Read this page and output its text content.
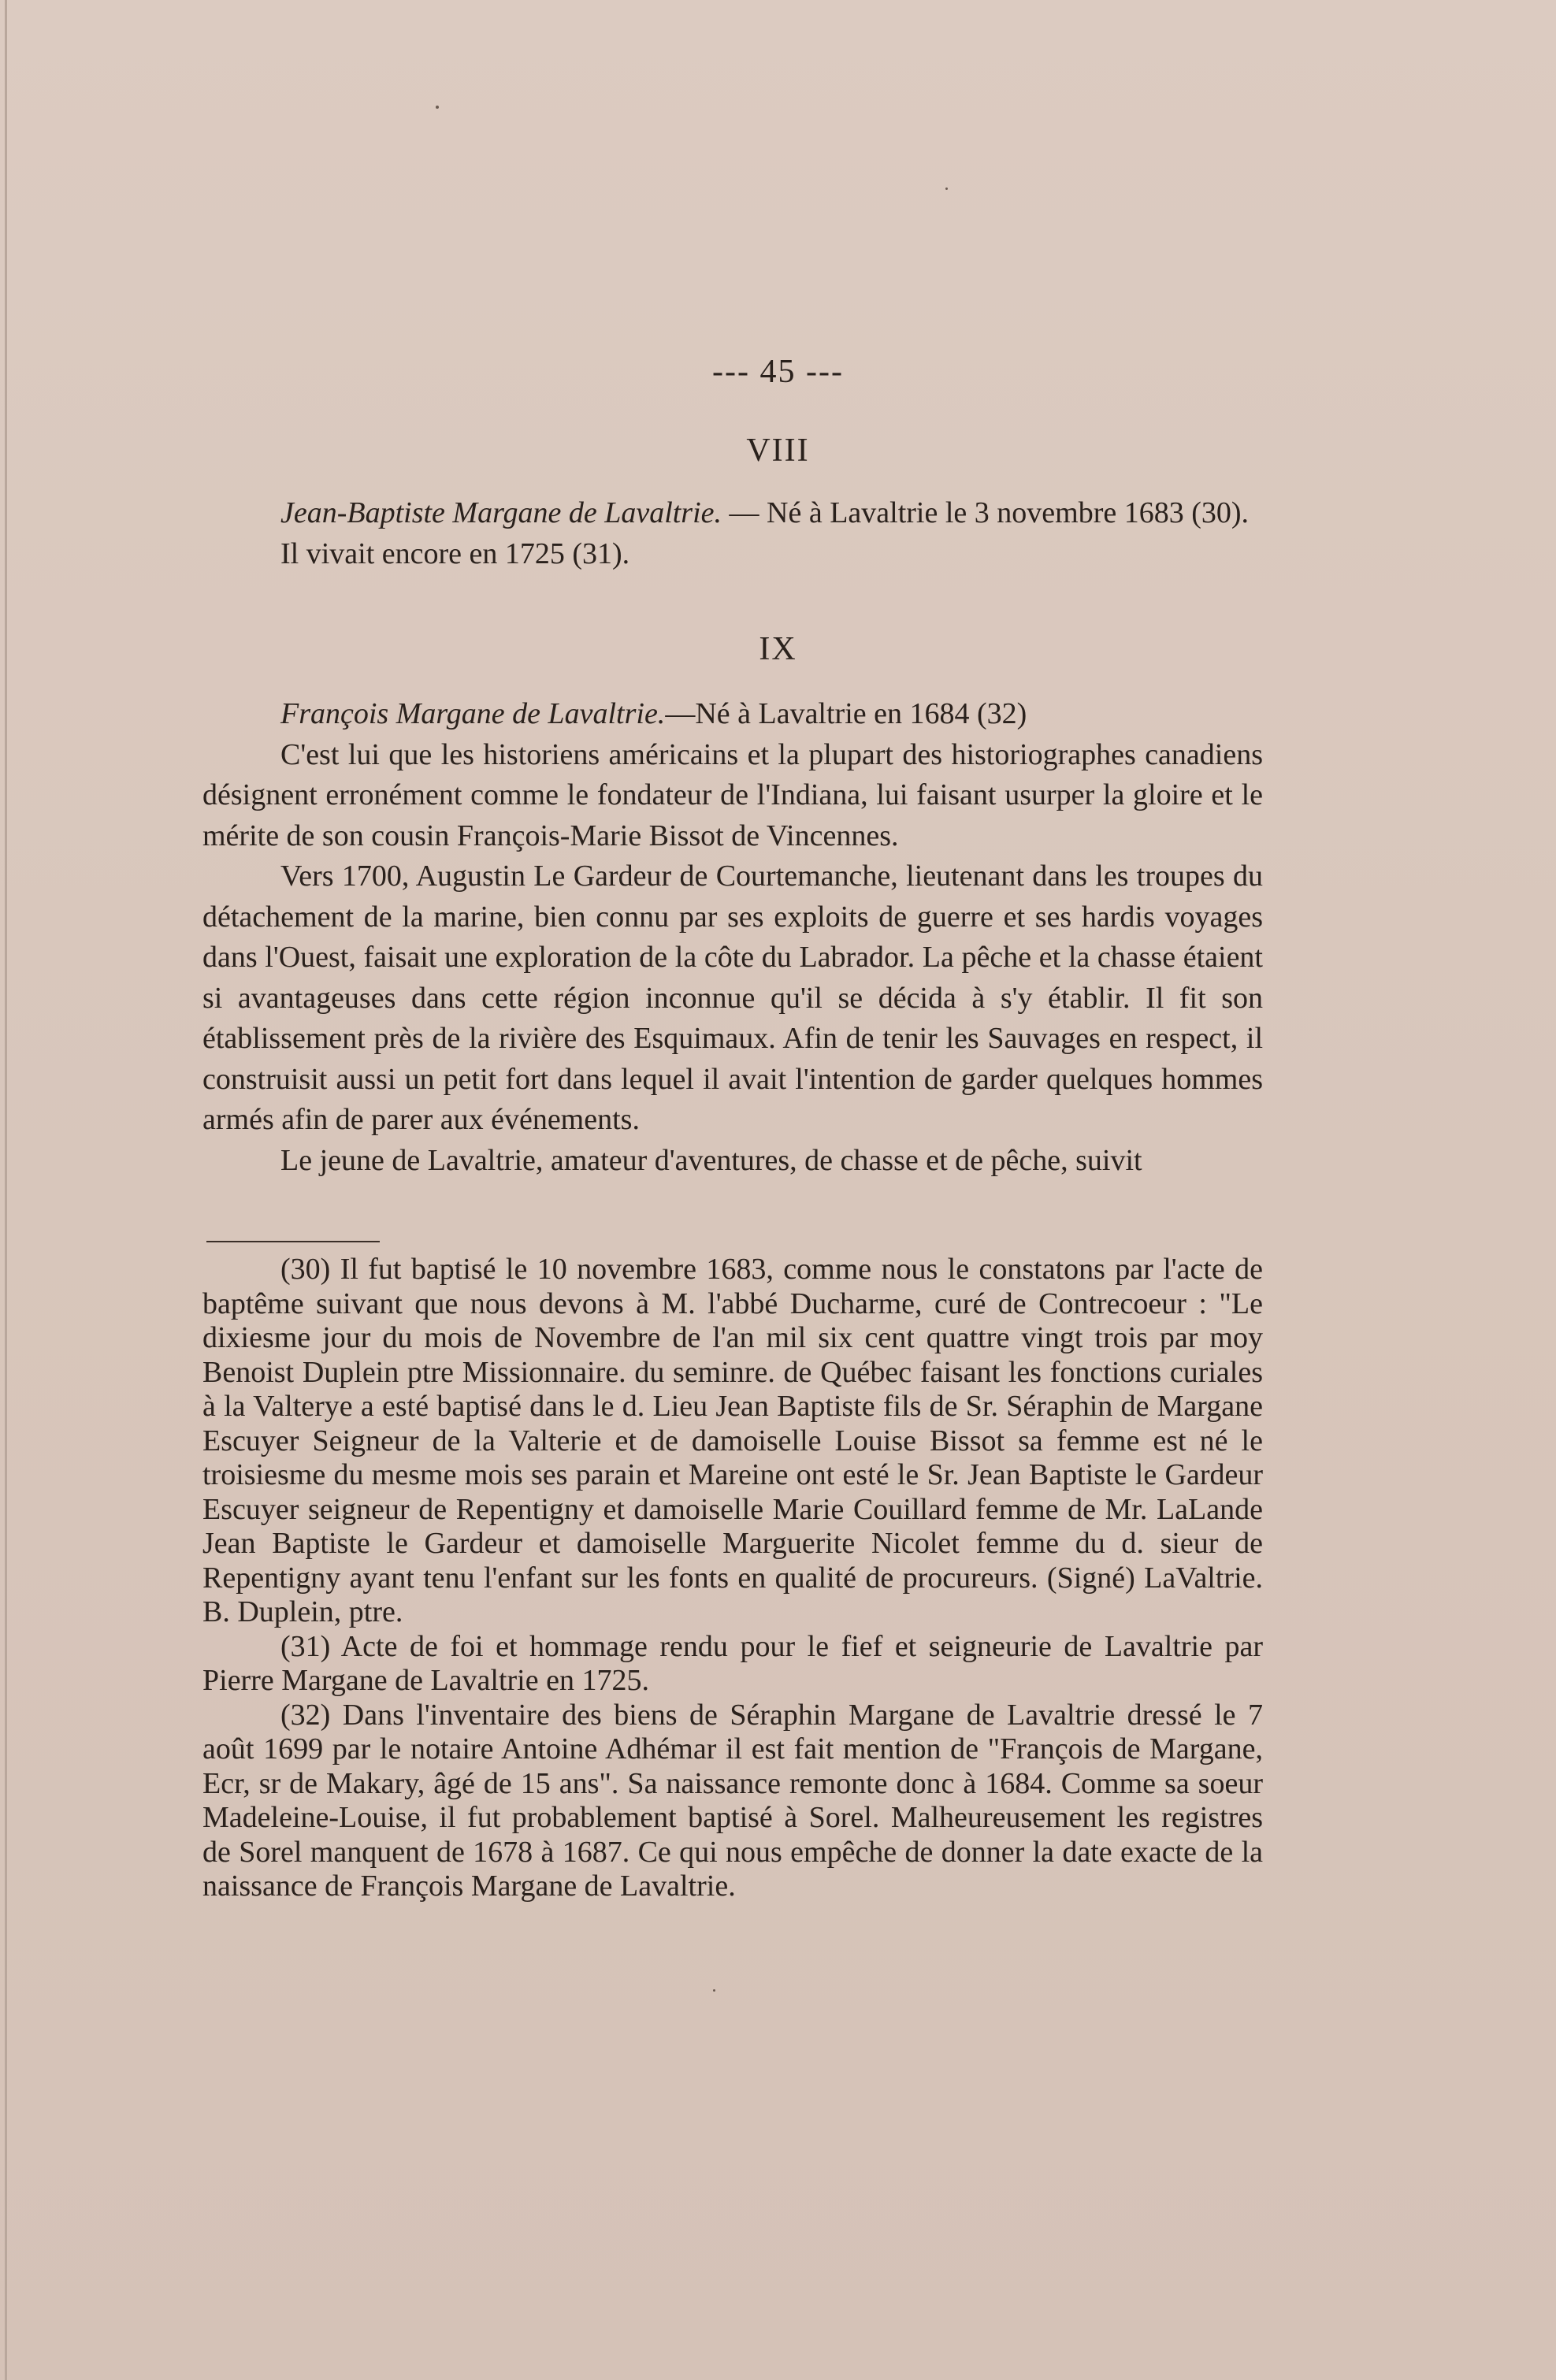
--- 45 ---
VIII

Jean-Baptiste Margane de Lavaltrie. — Né à Lavaltrie le 3 novembre 1683 (30).

Il vivait encore en 1725 (31).

IX

François Margane de Lavaltrie.—Né à Lavaltrie en 1684 (32)

C'est lui que les historiens américains et la plupart des historiographes canadiens désignent erronément comme le fondateur de l'Indiana, lui faisant usurper la gloire et le mérite de son cousin François-Marie Bissot de Vincennes.

Vers 1700, Augustin Le Gardeur de Courtemanche, lieutenant dans les troupes du détachement de la marine, bien connu par ses exploits de guerre et ses hardis voyages dans l'Ouest, faisait une exploration de la côte du Labrador. La pêche et la chasse étaient si avantageuses dans cette région inconnue qu'il se décida à s'y établir. Il fit son établissement près de la rivière des Esquimaux. Afin de tenir les Sauvages en respect, il construisit aussi un petit fort dans lequel il avait l'intention de garder quelques hommes armés afin de parer aux événements.

Le jeune de Lavaltrie, amateur d'aventures, de chasse et de pêche, suivit

(30) Il fut baptisé le 10 novembre 1683, comme nous le constatons par l'acte de baptême suivant que nous devons à M. l'abbé Ducharme, curé de Contrecoeur : "Le dixiesme jour du mois de Novembre de l'an mil six cent quattre vingt trois par moy Benoist Duplein ptre Missionnaire. du seminre. de Québec faisant les fonctions curiales à la Valterye a esté baptisé dans le d. Lieu Jean Baptiste fils de Sr. Séraphin de Margane Escuyer Seigneur de la Valterie et de damoiselle Louise Bissot sa femme est né le troisiesme du mesme mois ses parain et Mareine ont esté le Sr. Jean Baptiste le Gardeur Escuyer seigneur de Repentigny et damoiselle Marie Couillard femme de Mr. LaLande Jean Baptiste le Gardeur et damoiselle Marguerite Nicolet femme du d. sieur de Repentigny ayant tenu l'enfant sur les fonts en qualité de procureurs. (Signé) LaValtrie. B. Duplein, ptre.

(31) Acte de foi et hommage rendu pour le fief et seigneurie de Lavaltrie par Pierre Margane de Lavaltrie en 1725.

(32) Dans l'inventaire des biens de Séraphin Margane de Lavaltrie dressé le 7 août 1699 par le notaire Antoine Adhémar il est fait mention de "François de Margane, Ecr, sr de Makary, âgé de 15 ans". Sa naissance remonte donc à 1684. Comme sa soeur Madeleine-Louise, il fut probablement baptisé à Sorel. Malheureusement les registres de Sorel manquent de 1678 à 1687. Ce qui nous empêche de donner la date exacte de la naissance de François Margane de Lavaltrie.
